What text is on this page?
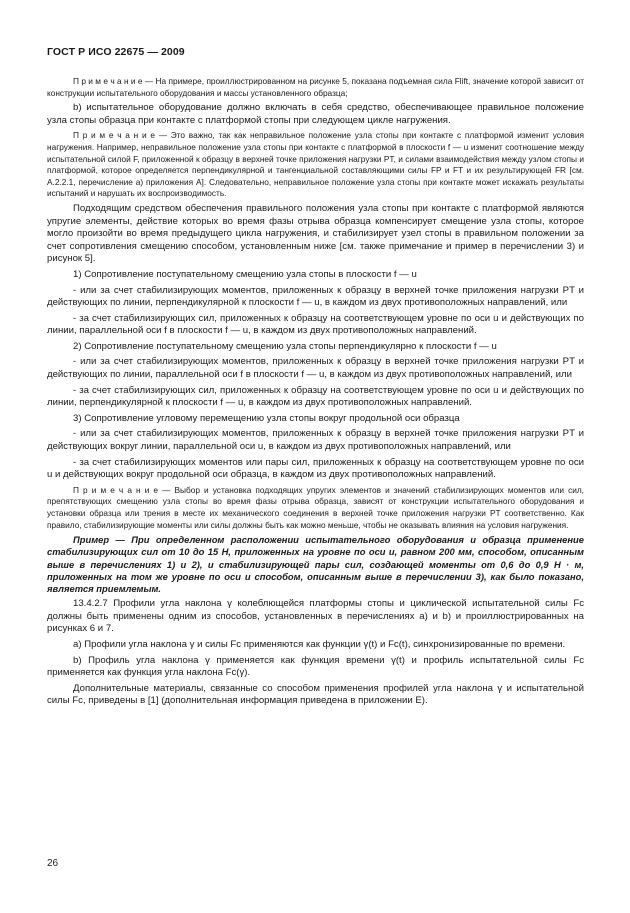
ГОСТ Р ИСО 22675 — 2009

П р и м е ч а н и е — На примере, проиллюстрированном на рисунке 5, показана подъемная сила Flift, значение которой зависит от конструкции испытательного оборудования и массы установленного образца;

b) испытательное оборудование должно включать в себя средство, обеспечивающее правильное положение узла стопы образца при контакте с платформой стопы при следующем цикле нагружения.

П р и м е ч а н и е — Это важно, так как неправильное положение узла стопы при контакте с платформой изменит условия нагружения. Например, неправильное положение узла стопы при контакте с платформой в плоскости f — u изменит соотношение между испытательной силой F, приложенной к образцу в верхней точке приложения нагрузки PT, и силами взаимодействия между узлом стопы и платформой, которое определяется перпендикулярной и тангенциальной составляющими силы FP и FT и их результирующей FR [см. А.2.2.1, перечисление а) приложения А]. Следовательно, неправильное положение узла стопы при контакте может искажать результаты испытаний и нарушать их воспроизводимость.

Подходящим средством обеспечения правильного положения узла стопы при контакте с платформой являются упругие элементы, действие которых во время фазы отрыва образца компенсирует смещение узла стопы, которое могло произойти во время предыдущего цикла нагружения, и стабилизирует узел стопы в правильном положении за счет сопротивления смещению способом, установленным ниже [см. также примечание и пример в перечислении 3) и рисунок 5].

1) Сопротивление поступательному смещению узла стопы в плоскости f — u

- или за счет стабилизирующих моментов, приложенных к образцу в верхней точке приложения нагрузки PT и действующих по линии, перпендикулярной к плоскости f — u, в каждом из двух противоположных направлений, или

- за счет стабилизирующих сил, приложенных к образцу на соответствующем уровне по оси u и действующих по линии, параллельной оси f в плоскости f — u, в каждом из двух противоположных направлений.

2) Сопротивление поступательному смещению узла стопы перпендикулярно к плоскости f — u

- или за счет стабилизирующих моментов, приложенных к образцу в верхней точке приложения нагрузки PT и действующих по линии, параллельной оси f в плоскости f — u, в каждом из двух противоположных направлений, или

- за счет стабилизирующих сил, приложенных к образцу на соответствующем уровне по оси u и действующих по линии, перпендикулярной к плоскости f — u, в каждом из двух противоположных направлений.

3) Сопротивление угловому перемещению узла стопы вокруг продольной оси образца

- или за счет стабилизирующих моментов, приложенных к образцу в верхней точке приложения нагрузки PT и действующих вокруг линии, параллельной оси u, в каждом из двух противоположных направлений, или

- за счет стабилизирующих моментов или пары сил, приложенных к образцу на соответствующем уровне по оси u и действующих вокруг продольной оси образца, в каждом из двух противоположных направлений.

П р и м е ч а н и е — Выбор и установка подходящих упругих элементов и значений стабилизирующих моментов или сил, препятствующих смещению узла стопы во время фазы отрыва образца, зависят от конструкции испытательного оборудования и установки образца или трения в месте их механического соединения в верхней точке приложения нагрузки PT соответственно. Как правило, стабилизирующие моменты или силы должны быть как можно меньше, чтобы не оказывать влияния на условия нагружения.

Пример — При определенном расположении испытательного оборудования и образца применение стабилизирующих сил от 10 до 15 Н, приложенных на уровне по оси u, равном 200 мм, способом, описанным выше в перечислениях 1) и 2), и стабилизирующей пары сил, создающей моменты от 0,6 до 0,9 Н · м, приложенных на том же уровне по оси u способом, описанным выше в перечислении 3), как было показано, является приемлемым.

13.4.2.7 Профили угла наклона γ колеблющейся платформы стопы и циклической испытательной силы Fc должны быть применены одним из способов, установленных в перечислениях a) и b) и проиллюстрированных на рисунках 6 и 7.

a) Профили угла наклона γ и силы Fc применяются как функции γ(t) и Fc(t), синхронизированные по времени.

b) Профиль угла наклона γ применяется как функция времени γ(t) и профиль испытательной силы Fc применяется как функция угла наклона Fc(γ).

Дополнительные материалы, связанные со способом применения профилей угла наклона γ и испытательной силы Fc, приведены в [1] (дополнительная информация приведена в приложении Е).

26
